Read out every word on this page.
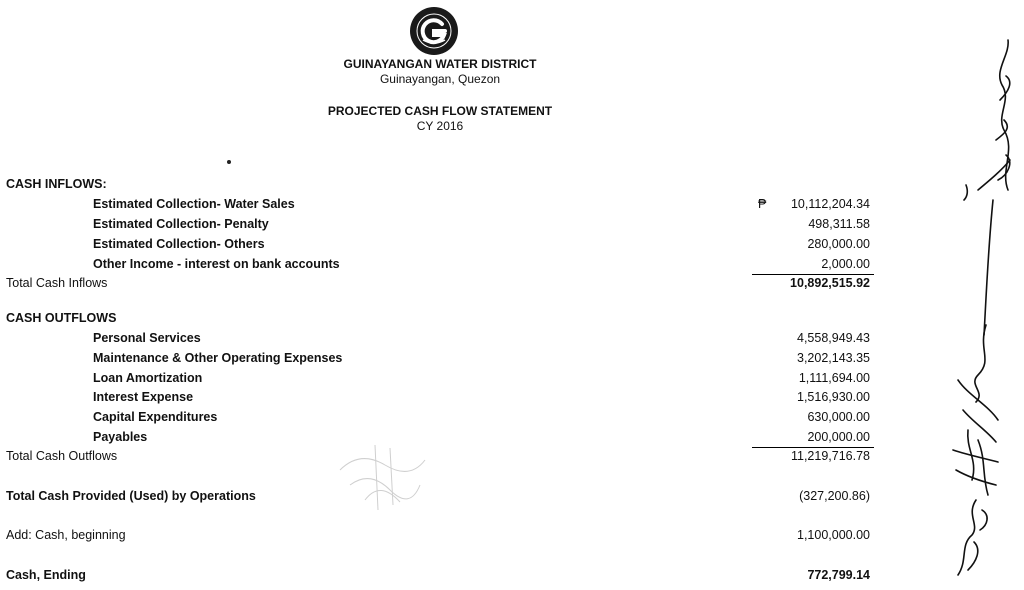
GUINAYANGAN WATER DISTRICT
Guinayangan, Quezon
PROJECTED CASH FLOW STATEMENT
CY 2016
CASH INFLOWS:
Estimated Collection- Water Sales	₱	10,112,204.34
Estimated Collection- Penalty	498,311.58
Estimated Collection- Others	280,000.00
Other Income - interest on bank accounts	2,000.00
Total Cash Inflows	10,892,515.92
CASH OUTFLOWS
Personal Services	4,558,949.43
Maintenance & Other Operating Expenses	3,202,143.35
Loan Amortization	1,111,694.00
Interest Expense	1,516,930.00
Capital Expenditures	630,000.00
Payables	200,000.00
Total Cash Outflows	11,219,716.78
Total Cash Provided (Used) by Operations	(327,200.86)
Add: Cash, beginning	1,100,000.00
Cash, Ending	772,799.14
